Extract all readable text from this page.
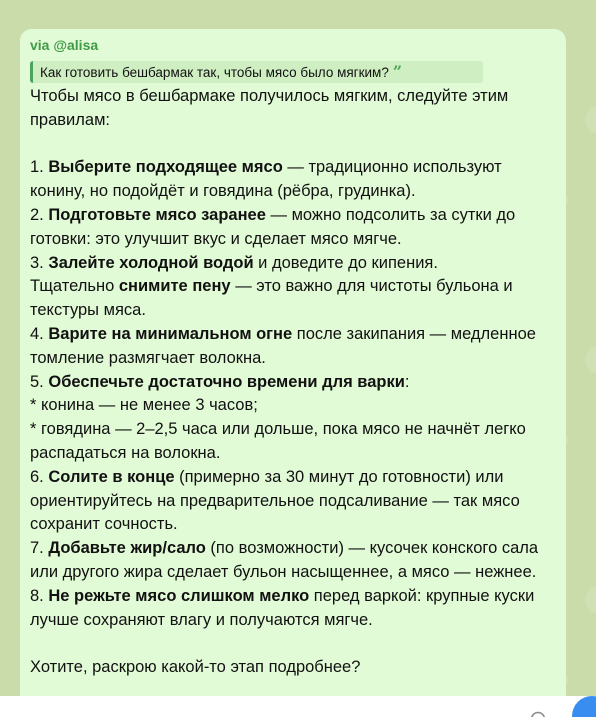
via @alisa
Как готовить бешбармак так, чтобы мясо было мягким? ”

Чтобы мясо в бешбармаке получилось мягким, следуйте этим правилам:

1. Выберите подходящее мясо — традиционно используют конину, но подойдёт и говядина (рёбра, грудинка).

2. Подготовьте мясо заранее — можно подсолить за сутки до готовки: это улучшит вкус и сделает мясо мягче.

3. Залейте холодной водой и доведите до кипения.

Тщательно снимите пену — это важно для чистоты бульона и текстуры мяса.

4. Варите на минимальном огне после закипания — медленное томление размягчает волокна.

5. Обеспечьте достаточно времени для варки:

* конина — не менее 3 часов;

* говядина — 2–2,5 часа или дольше, пока мясо не начнёт легко распадаться на волокна.

6. Солите в конце (примерно за 30 минут до готовности) или ориентируйтесь на предварительное подсаливание — так мясо сохранит сочность.

7. Добавьте жир/сало (по возможности) — кусочек конского сала или другого жира сделает бульон насыщеннее, а мясо — нежнее.

8. Не режьте мясо слишком мелко перед варкой: крупные куски лучше сохраняют влагу и получаются мягче.

Хотите, раскрою какой-то этап подробнее?
